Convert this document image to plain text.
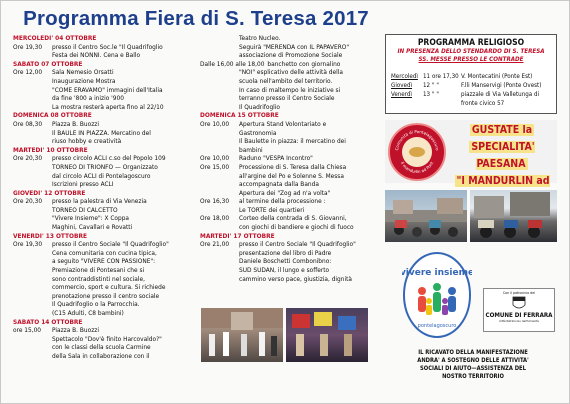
Programma Fiera di S. Teresa 2017
MERCOLEDI' 04 OTTOBRE
Ore 19,30	presso il Centro Soc.le "Il Quadrifoglio
Festa dei NONNI. Cena e Ballo
SABATO 07 OTTOBRE
Ore 12,00	Sala Nemesio Orsatti
Inaugurazione Mostra
"COME ERAVAMO" immagini dell'Italia
da fine '800 a inizio '900
La mostra resterà aperta fino al 22/10
DOMENICA 08 OTTOBRE
Ore 08,30	Piazza B. Buozzi
Il BAULE IN PIAZZA. Mercatino del
riuso hobby e creatività
MARTEDI' 10 OTTOBRE
Ore 20,30	presso circolo ACLI c.so del Popolo 109
TORNEO DI TRIONFO — Organizzato
dal circolo ACLI di Pontelagoscuro
Iscrizioni presso ACLI
GIOVEDI' 12 OTTOBRE
Ore 20,30	presso la palestra di Via Venezia
TORNEO DI CALCETTO
"Vivere Insieme": X Coppa
Maghini, Cavallari e Rovatti
VENERDI' 13 OTTOBRE
Ore 19,30	presso il Centro Sociale "Il Quadrifoglio"
Cena comunitaria con cucina tipica,
a seguito "VIVERE CON PASSIONE":
Premiazione di Pontesani che si
sono contraddistinti nel sociale,
commercio, sport e cultura. Si richiede
prenotazione presso il centro sociale
Il Quadrifoglio o la Parrocchia.
(C15 Adulti, C8 bambini)
SABATO 14 OTTOBRE
ore 15,00	Piazza B. Buozzi
Spettacolo "Dov'è finito Harcovaldo?"
con le classi della scuola Carmine
della Sala in collaborazione con il
Teatro Nucleo.
Seguirà "MERENDA con IL PAPAVERO"
associazione di Promozione Sociale
Dalle 16,00 alle 18,00 banchetto con giornalino
"NOI" esplicativo delle attività della
scuola nell'ambito del territorio.
In caso di maltempo le iniziative si
terranno presso il Centro Sociale
Il Quadrifoglio
DOMENICA 15 OTTOBRE
Ore 10,00	Apertura Stand Volontariato e
Gastronomia
Il Baulette in piazza: il mercatino dei
bambini
Ore 10,00	Raduno "VESPA Incontro"
Ore 15,00	Processione di S. Teresa dalla Chiesa
all'argine del Po e Solenne S. Messa
accompagnata dalla Banda
Apertura dei "Zog ad n'a volta"
Ore 16,30	al termine della processione :
Le TORTE dei quartieri
Ore 18,00	Corteo della contrada di S. Giovanni,
con giochi di bandiere e giochi di fuoco
MARTEDI' 17 OTTOBRE
Ore 21,00	presso il Centro Sociale "Il Quadrifoglio"
presentazione del libro di Padre
Daniele Boschetti Combonibno:
SUD SUDAN, il lungo e sofferto
cammino verso pace, giustizia, dignità
PROGRAMMA RELIGIOSO
IN PRESENZA DELLO STENDARDO DI S. TERESA
SS. MESSE PRESSO LE CONTRADE
Mercoledì 11 ore 17,30 V. Montecatini (Ponte Est)
Giovedì 12 " "	F.lli Manservigi (Ponte Ovest)
Venerdì 13 " "	piazzale di Via Valletunga di
fronte civico 57
Comunità di Pontelagoscuro
Il mandurlin ad Pont
GUSTATE la
SPECIALITA' PAESANA
"I MANDURLIN ad
vivere insieme
pontelagoscuro
Con il patrocinio del
COMUNE DI FERRARA
Città Patrimonio dell'Umanità
IL RICAVATO DELLA MANIFESTAZIONE
ANDRA' A SOSTEGNO DELLE ATTIVITA'
SOCIALI DI AIUTO—ASSISTENZA DEL
NOSTRO TERRITORIO
